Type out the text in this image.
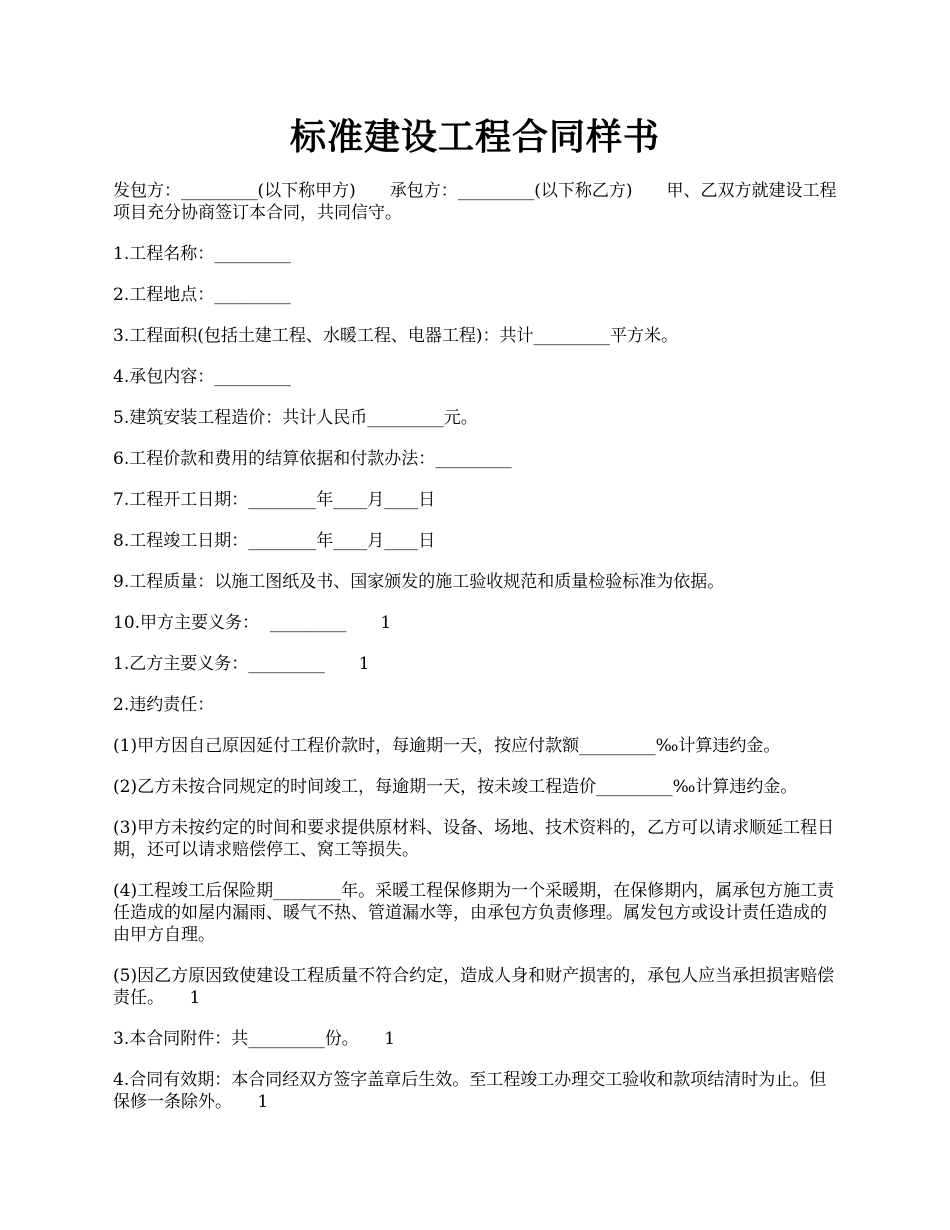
标准建设工程合同样书

发包方：_________(以下称甲方)　　承包方：_________(以下称乙方)　　甲、乙双方就建设工程项目充分协商签订本合同，共同信守。

1.工程名称：_________

2.工程地点：_________

3.工程面积(包括土建工程、水暖工程、电器工程)：共计_________平方米。

4.承包内容：_________

5.建筑安装工程造价：共计人民币_________元。

6.工程价款和费用的结算依据和付款办法：_________

7.工程开工日期：________年____月____日

8.工程竣工日期：________年____月____日

9.工程质量：以施工图纸及书、国家颁发的施工验收规范和质量检验标准为依据。

10.甲方主要义务：  _________　　1

1.乙方主要义务：_________　　1

2.违约责任：

(1)甲方因自己原因延付工程价款时，每逾期一天，按应付款额_________‰计算违约金。

(2)乙方未按合同规定的时间竣工，每逾期一天，按未竣工程造价_________‰计算违约金。

(3)甲方未按约定的时间和要求提供原材料、设备、场地、技术资料的，乙方可以请求顺延工程日期，还可以请求赔偿停工、窝工等损失。

(4)工程竣工后保险期________年。采暖工程保修期为一个采暖期，在保修期内，属承包方施工责任造成的如屋内漏雨、暖气不热、管道漏水等，由承包方负责修理。属发包方或设计责任造成的由甲方自理。

(5)因乙方原因致使建设工程质量不符合约定，造成人身和财产损害的，承包人应当承担损害赔偿责任。　　1

3.本合同附件：共_________份。　　1

4.合同有效期：本合同经双方签字盖章后生效。至工程竣工办理交工验收和款项结清时为止。但保修一条除外。　　1
